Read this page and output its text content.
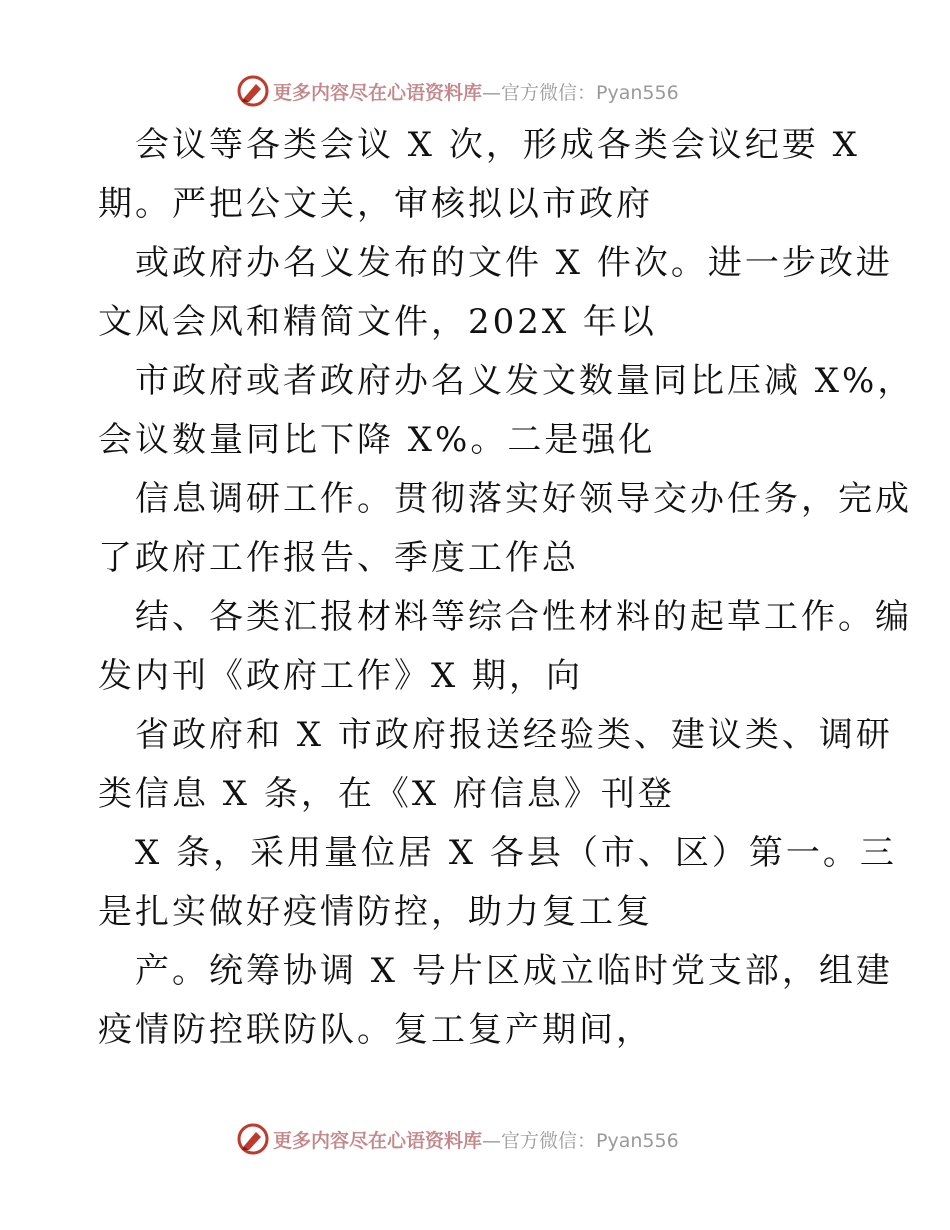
更多内容尽在心语资料库—官方微信：Pyan556
会议等各类会议 X 次，形成各类会议纪要 X
期。严把公文关，审核拟以市政府
或政府办名义发布的文件 X 件次。进一步改进
文风会风和精简文件，202X 年以
市政府或者政府办名义发文数量同比压减 X%，
会议数量同比下降 X%。二是强化
信息调研工作。贯彻落实好领导交办任务，完成
了政府工作报告、季度工作总
结、各类汇报材料等综合性材料的起草工作。编
发内刊《政府工作》X 期，向
省政府和 X 市政府报送经验类、建议类、调研
类信息 X 条，在《X 府信息》刊登
X 条，采用量位居 X 各县（市、区）第一。三
是扎实做好疫情防控，助力复工复
产。统筹协调 X 号片区成立临时党支部，组建
疫情防控联防队。复工复产期间，
更多内容尽在心语资料库—官方微信：Pyan556
